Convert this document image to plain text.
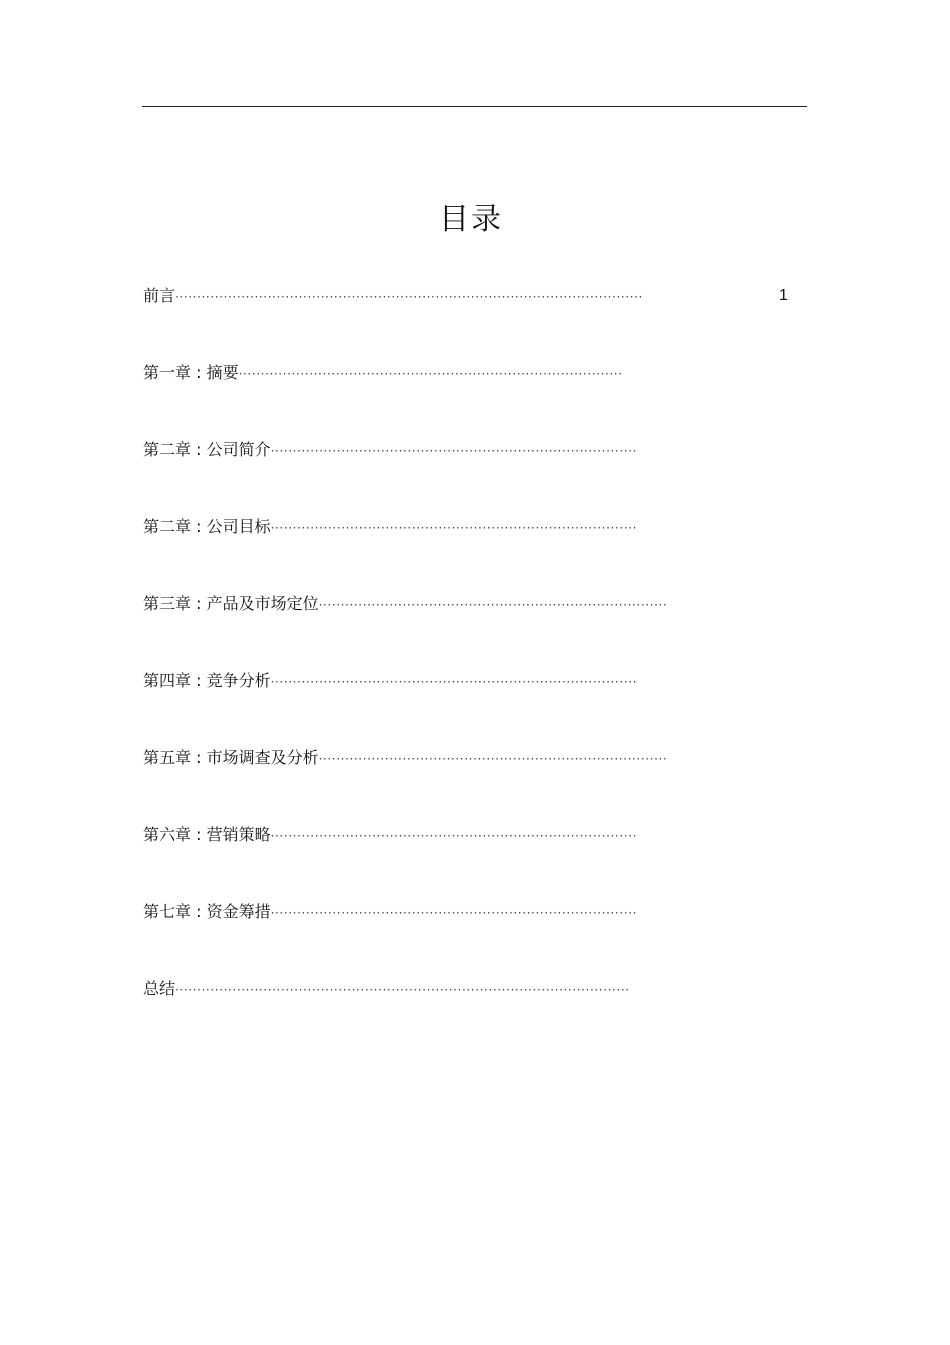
目录
前言··········································································································	1
第一章 : 摘要·······················································································
第二章 : 公司简介···················································································
第二章 : 公司目标···················································································
第三章 : 产品及市场定位···············································································
第四章 : 竞争分析···················································································
第五章 : 市场调查及分析···············································································
第六章 : 营销策略···················································································
第七章 : 资金筹措···················································································
总结·······································································································
